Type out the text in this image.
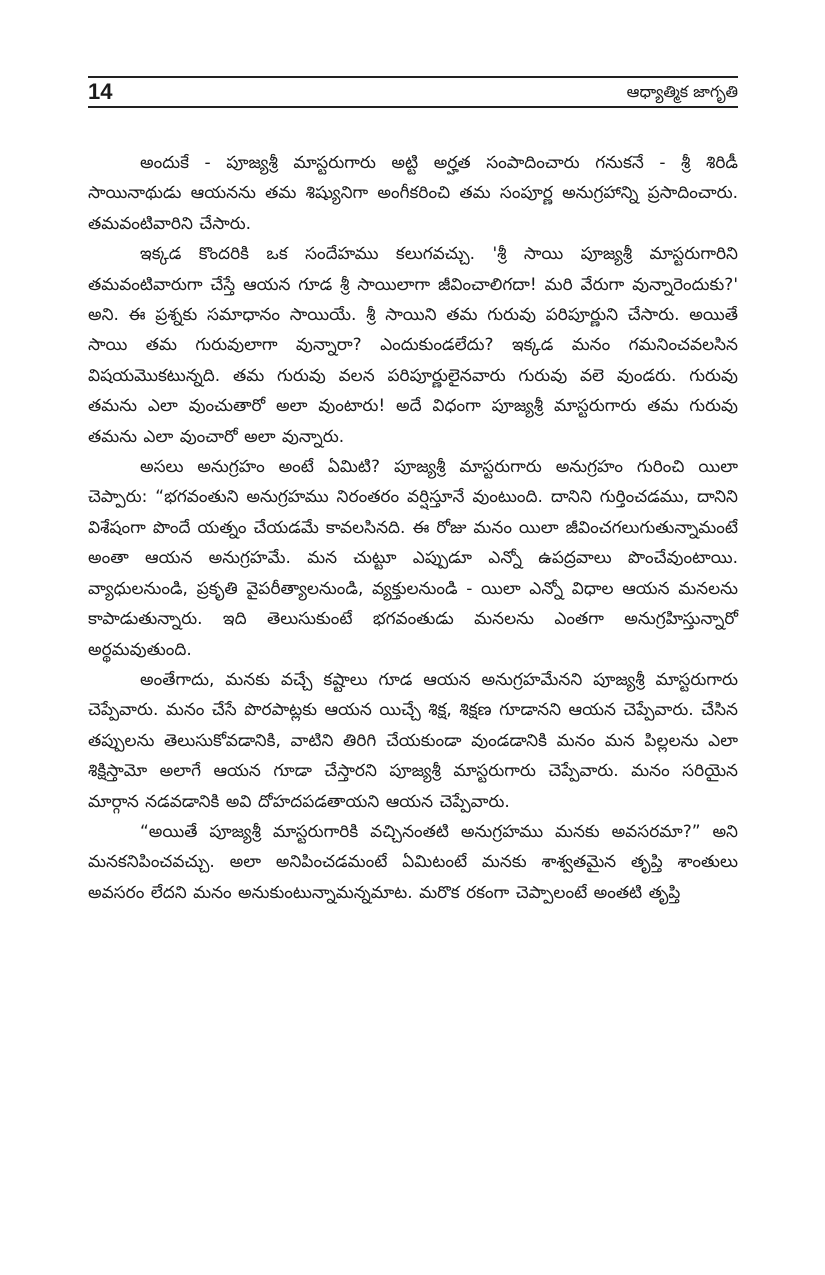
14	ఆధ్యాత్మిక జాగృతి

అందుకే - పూజ్యశ్రీ మాస్టరుగారు అట్టి అర్హత సంపాదించారు గనుకనే - శ్రీ శిరిడీ సాయినాథుడు ఆయనను తమ శిష్యునిగా అంగీకరించి తమ సంపూర్ణ అనుగ్రహాన్ని ప్రసాదించారు. తమవంటివారిని చేసారు.

ఇక్కడ కొందరికి ఒక సందేహము కలుగవచ్చు. 'శ్రీ సాయి పూజ్యశ్రీ మాస్టరుగారిని తమవంటివారుగా చేస్తే ఆయన గూడ శ్రీ సాయిలాగా జీవించాలిగదా! మరి వేరుగా వున్నారెందుకు?' అని. ఈ ప్రశ్నకు సమాధానం సాయియే. శ్రీ సాయిని తమ గురువు పరిపూర్ణుని చేసారు. అయితే సాయి తమ గురువులాగా వున్నారా? ఎందుకుండలేదు? ఇక్కడ మనం గమనించవలసిన విషయమొకటున్నది. తమ గురువు వలన పరిపూర్ణులైనవారు గురువు వలె వుండరు. గురువు తమను ఎలా వుంచుతారో అలా వుంటారు! అదే విధంగా పూజ్యశ్రీ మాస్టరుగారు తమ గురువు తమను ఎలా వుంచారో అలా వున్నారు.

అసలు అనుగ్రహం అంటే ఏమిటి? పూజ్యశ్రీ మాస్టరుగారు అనుగ్రహం గురించి యిలా చెప్పారు: “భగవంతుని అనుగ్రహము నిరంతరం వర్షిస్తూనే వుంటుంది. దానిని గుర్తించడము, దానిని విశేషంగా పొందే యత్నం చేయడమే కావలసినది. ఈ రోజు మనం యిలా జీవించగలుగుతున్నామంటే అంతా ఆయన అనుగ్రహమే. మన చుట్టూ ఎప్పుడూ ఎన్నో ఉపద్రవాలు పొంచేవుంటాయి. వ్యాధులనుండి, ప్రకృతి వైపరీత్యాలనుండి, వ్యక్తులనుండి - యిలా ఎన్నో విధాల ఆయన మనలను కాపాడుతున్నారు. ఇది తెలుసుకుంటే భగవంతుడు మనలను ఎంతగా అనుగ్రహిస్తున్నారో అర్థమవుతుంది.

అంతేగాదు, మనకు వచ్చే కష్టాలు గూడ ఆయన అనుగ్రహమేనని పూజ్యశ్రీ మాస్టరుగారు చెప్పేవారు. మనం చేసే పొరపాట్లకు ఆయన యిచ్చే శిక్ష, శిక్షణ గూడానని ఆయన చెప్పేవారు. చేసిన తప్పులను తెలుసుకోవడానికి, వాటిని తిరిగి చేయకుండా వుండడానికి మనం మన పిల్లలను ఎలా శిక్షిస్తామో అలాగే ఆయన గూడా చేస్తారని పూజ్యశ్రీ మాస్టరుగారు చెప్పేవారు. మనం సరియైన మార్గాన నడవడానికి అవి దోహదపడతాయని ఆయన చెప్పేవారు.

“అయితే పూజ్యశ్రీ మాస్టరుగారికి వచ్చినంతటి అనుగ్రహము మనకు అవసరమా?” అని మనకనిపించవచ్చు. అలా అనిపించడమంటే ఏమిటంటే మనకు శాశ్వతమైన తృప్తి శాంతులు అవసరం లేదని మనం అనుకుంటున్నామన్నమాట. మరొక రకంగా చెప్పాలంటే అంతటి తృప్తి
